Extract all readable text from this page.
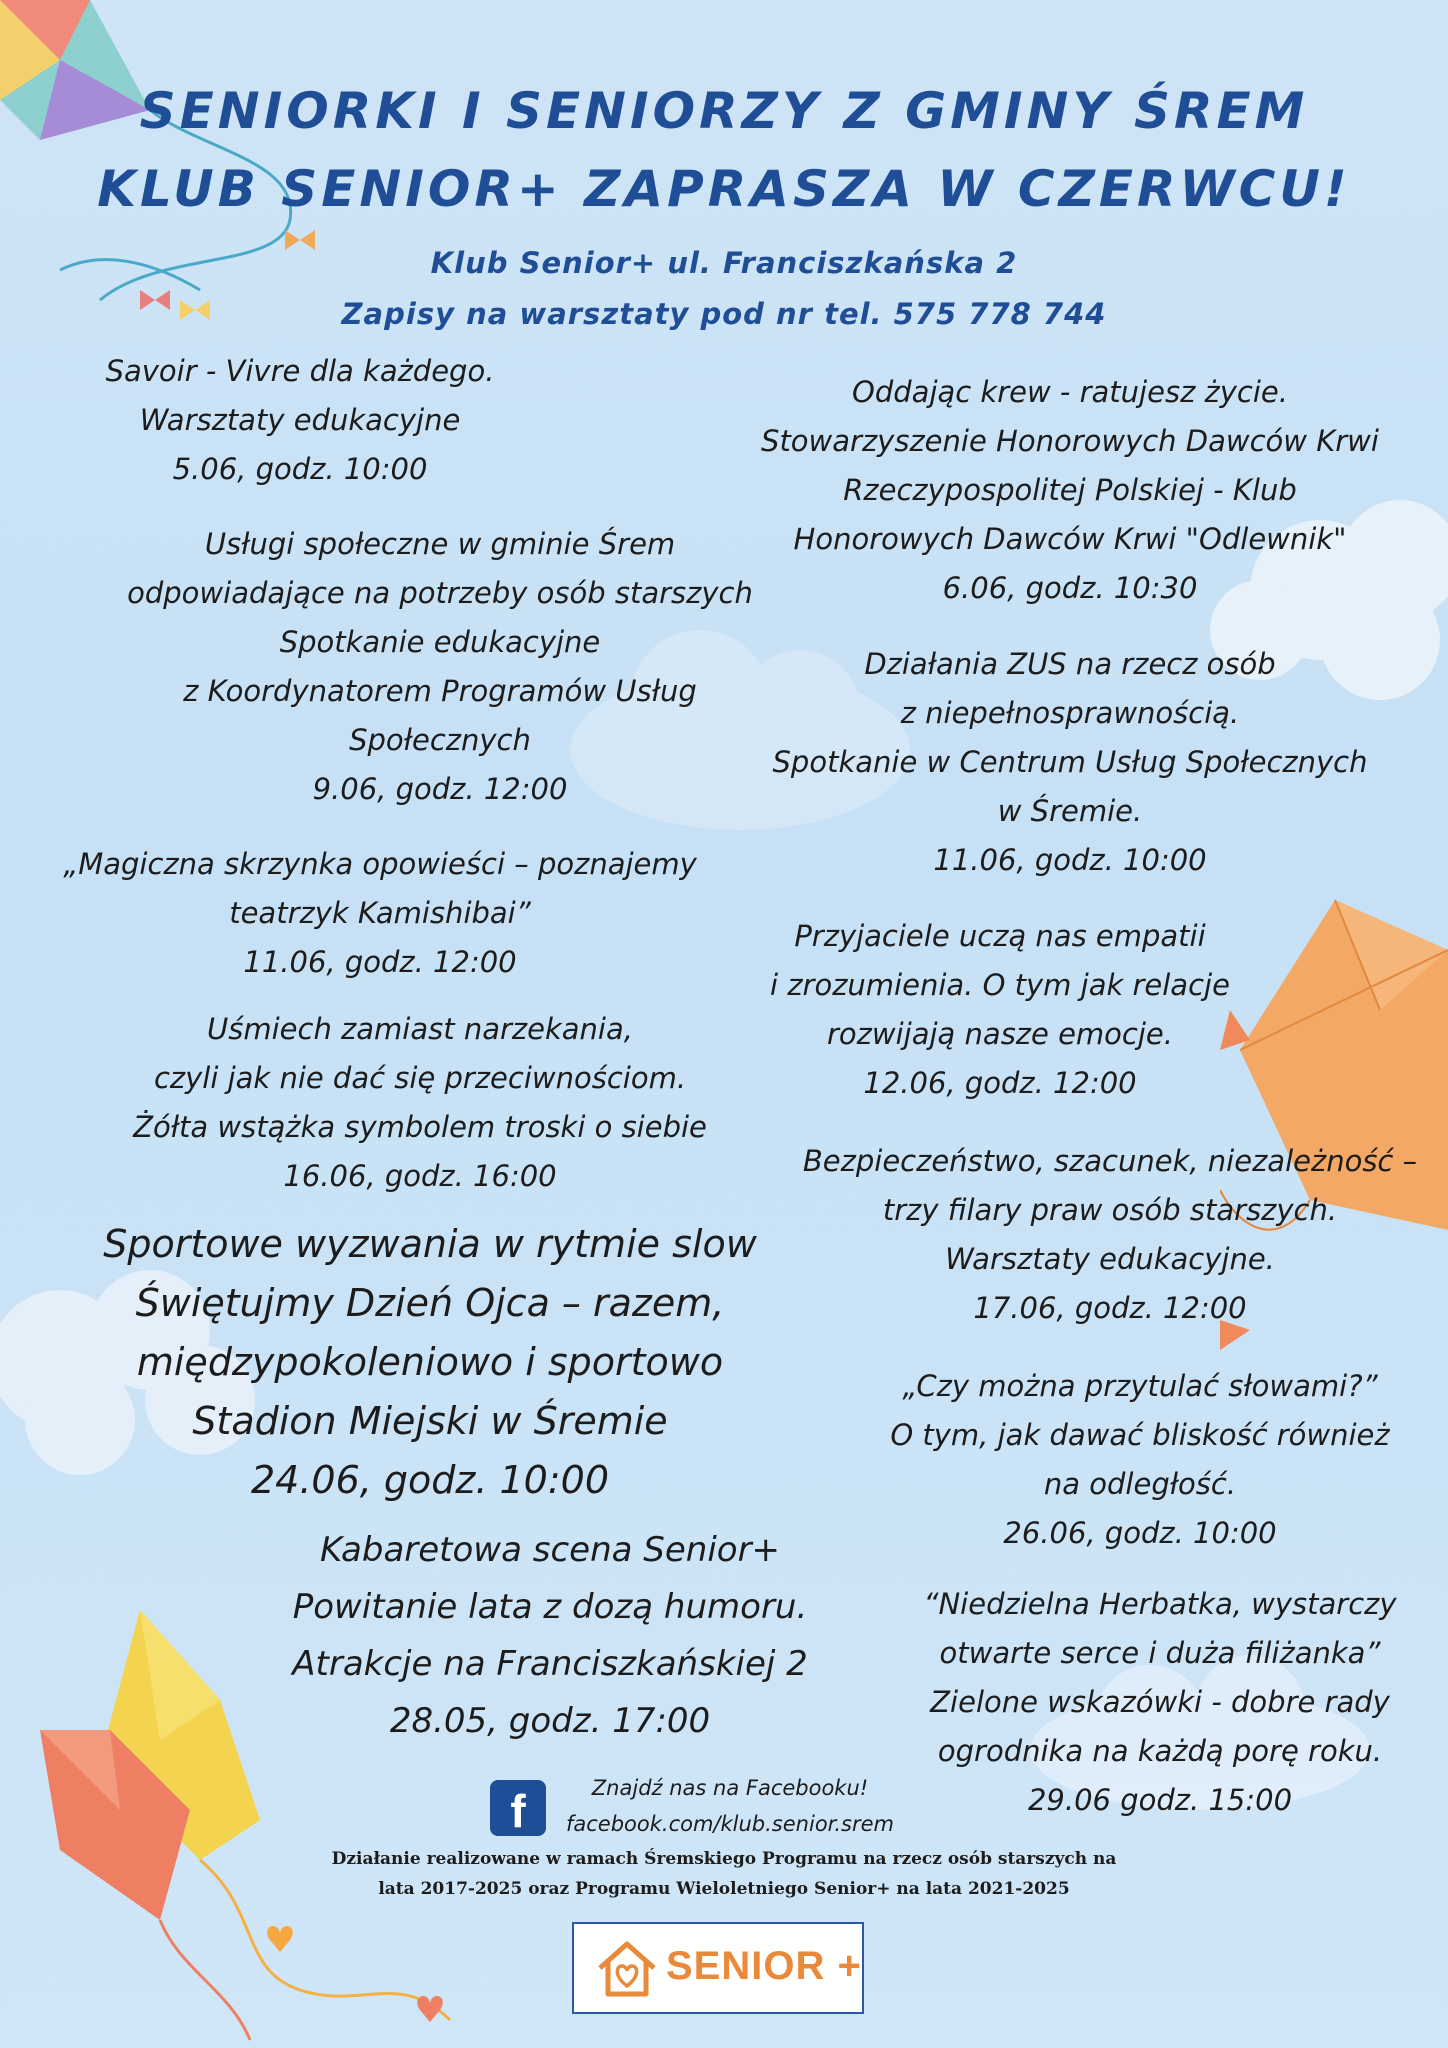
SENIORKI I SENIORZY Z GMINY ŚREM
KLUB SENIOR+ ZAPRASZA W CZERWCU!
Klub Senior+ ul. Franciszkańska 2
Zapisy na warsztaty pod nr tel. 575 778 744
Savoir - Vivre dla każdego.
Warsztaty edukacyjne
5.06, godz. 10:00
Usługi społeczne w gminie Śrem
odpowiadające na potrzeby osób starszych
Spotkanie edukacyjne
z Koordynatorem Programów Usług
Społecznych
9.06, godz. 12:00
„Magiczna skrzynka opowieści – poznajemy
teatrzyk Kamishibai”
11.06, godz. 12:00
Uśmiech zamiast narzekania,
czyli jak nie dać się przeciwnościom.
Żółta wstążka symbolem troski o siebie
16.06, godz. 16:00
Sportowe wyzwania w rytmie slow
Świętujmy Dzień Ojca – razem,
międzypokoleniowo i sportowo
Stadion Miejski w Śremie
24.06, godz. 10:00
Kabaretowa scena Senior+
Powitanie lata z dozą humoru.
Atrakcje na Franciszkańskiej 2
28.05, godz. 17:00
Oddając krew - ratujesz życie.
Stowarzyszenie Honorowych Dawców Krwi
Rzeczypospolitej Polskiej - Klub
Honorowych Dawców Krwi "Odlewnik"
6.06, godz. 10:30
Działania ZUS na rzecz osób
z niepełnosprawnością.
Spotkanie w Centrum Usług Społecznych
w Śremie.
11.06, godz. 10:00
Przyjaciele uczą nas empatii
i zrozumienia. O tym jak relacje
rozwijają nasze emocje.
12.06, godz. 12:00
Bezpieczeństwo, szacunek, niezależność –
trzy filary praw osób starszych.
Warsztaty edukacyjne.
17.06, godz. 12:00
„Czy można przytulać słowami?”
O tym, jak dawać bliskość również
na odległość.
26.06, godz. 10:00
“Niedzielna Herbatka, wystarczy
otwarte serce i duża filiżanka”
Zielone wskazówki - dobre rady
ogrodnika na każdą porę roku.
29.06 godz. 15:00
f	Znajdź nas na Facebooku!
facebook.com/klub.senior.srem
Działanie realizowane w ramach Śremskiego Programu na rzecz osób starszych na
lata 2017-2025 oraz Programu Wieloletniego Senior+ na lata 2021-2025
SENIOR +
